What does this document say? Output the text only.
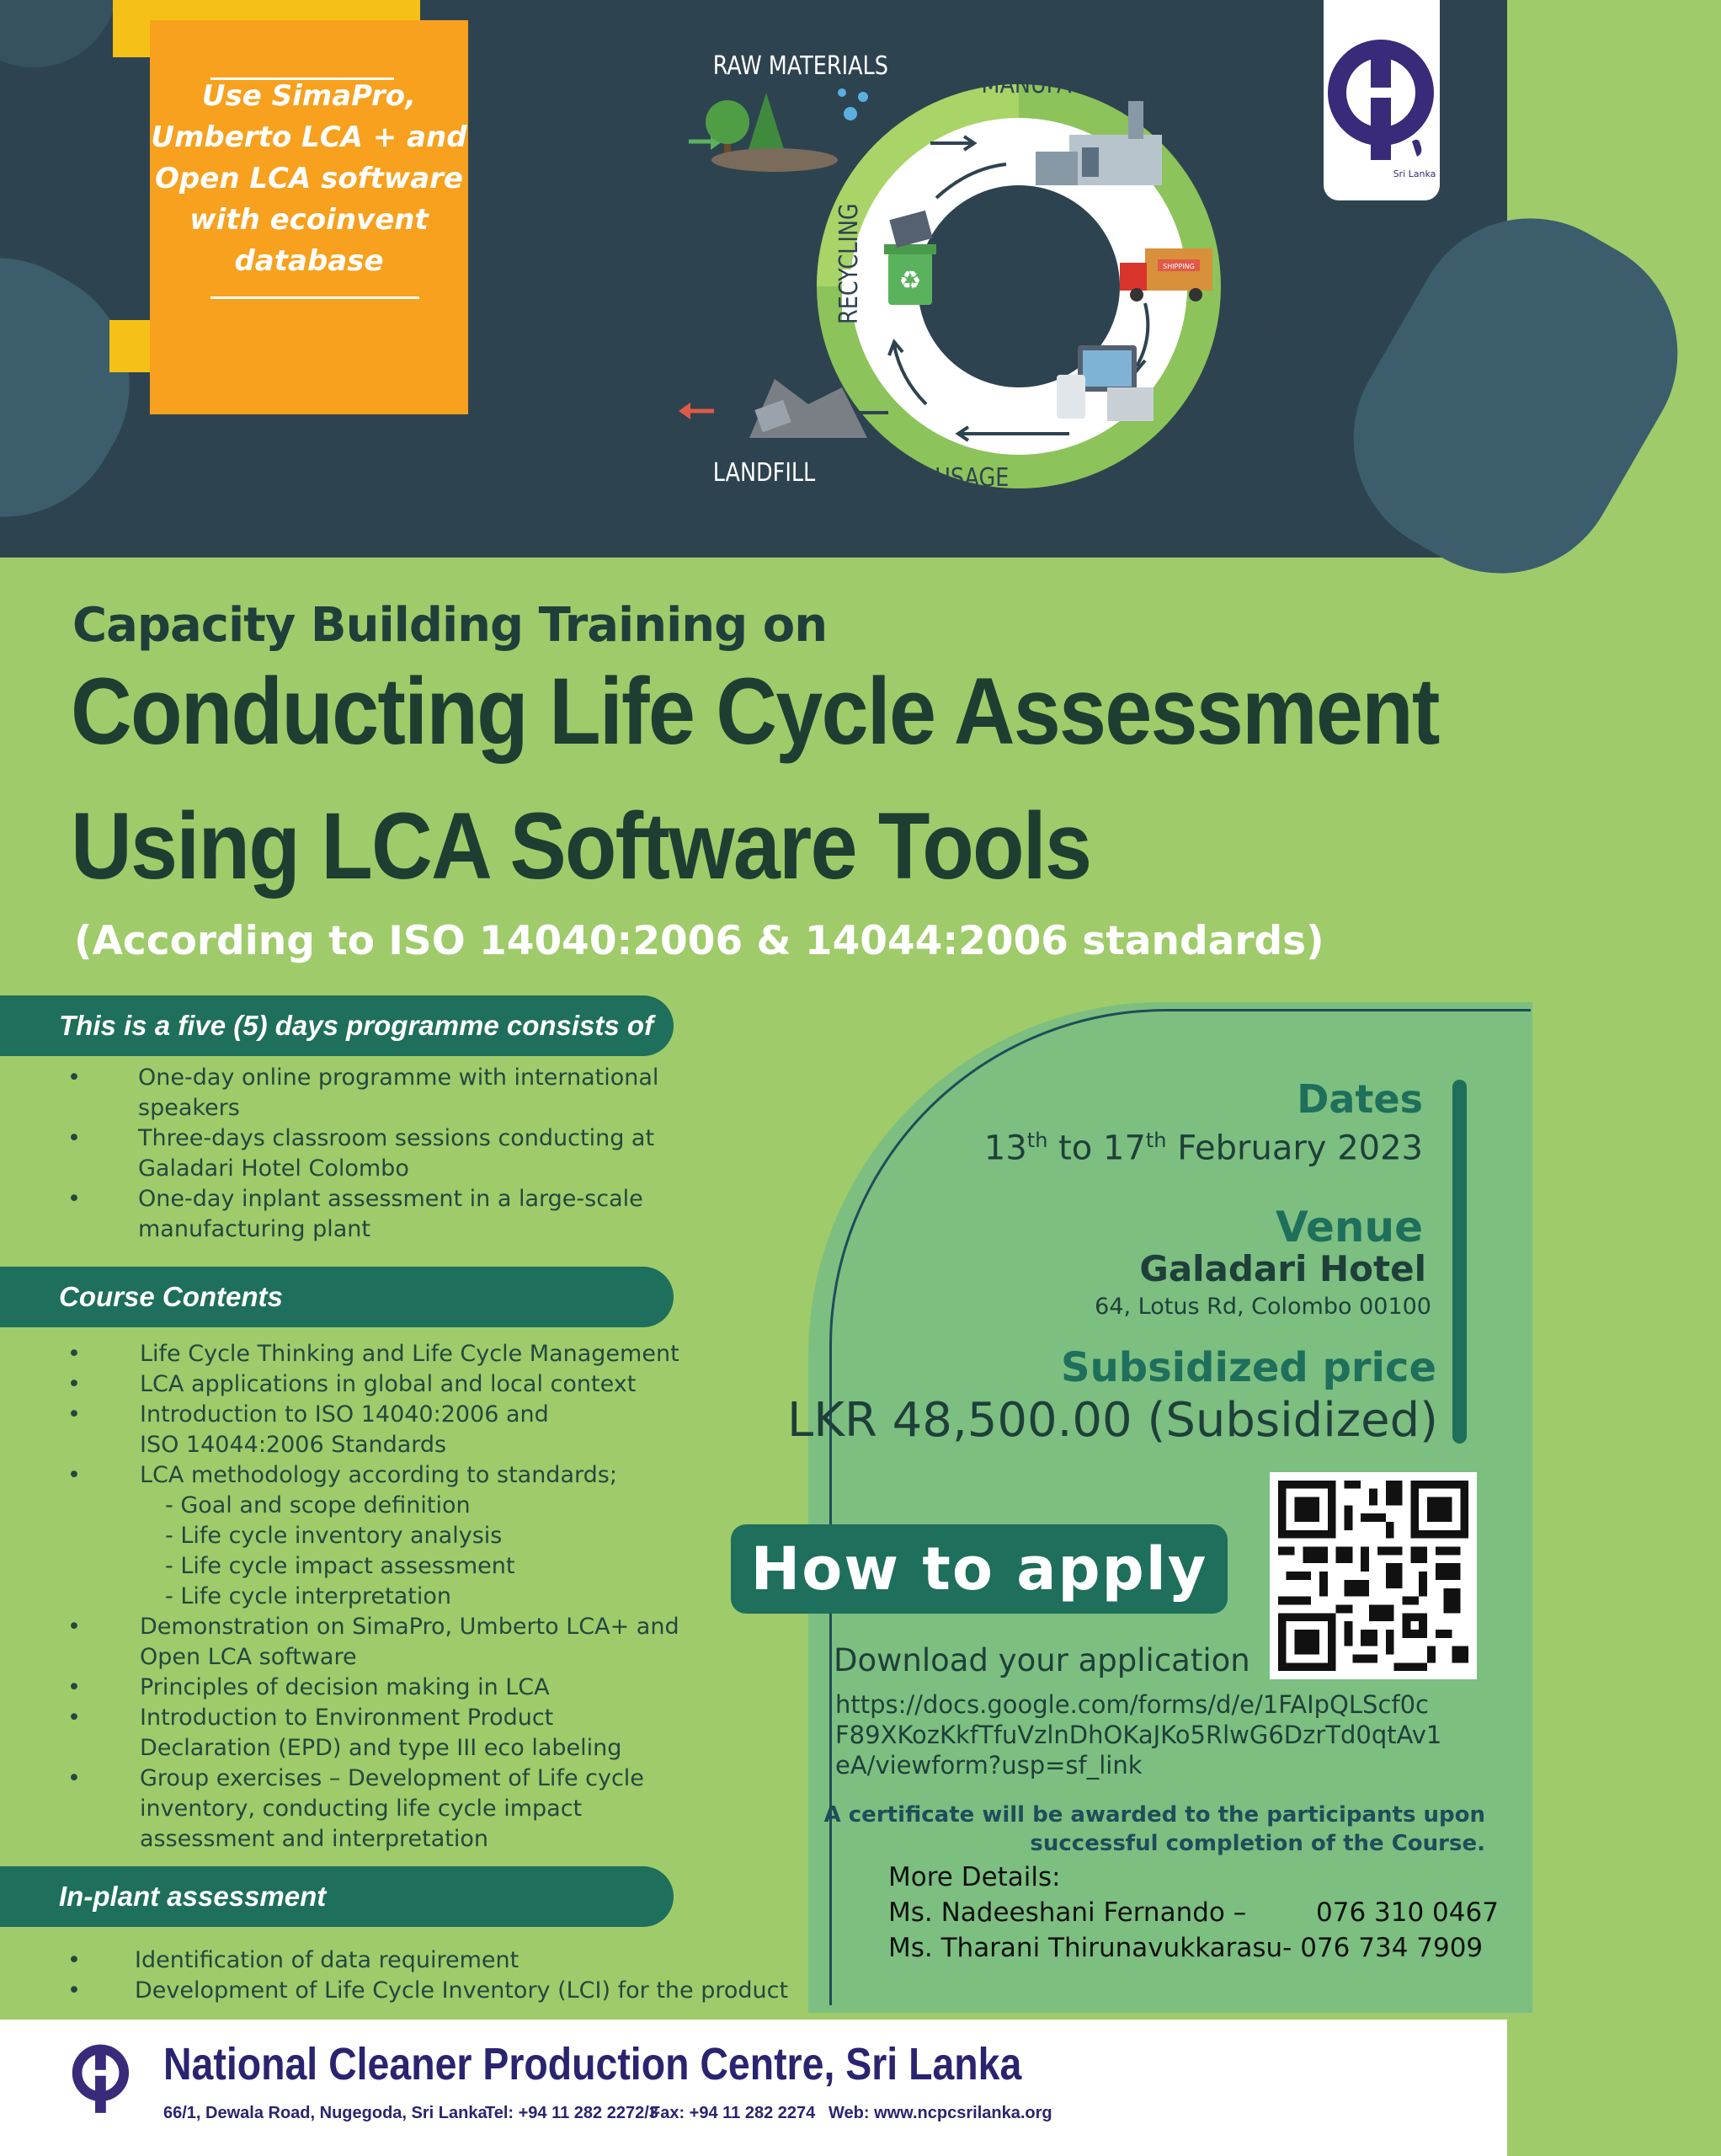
Use SimaPro,
Umberto LCA + and
Open LCA software
with ecoinvent
database	SHIPPING
♻
RAW MATERIALS
MANUFACTURING
DISTRIBUTION
USAGE
RECYCLING
LANDFILL
Sri Lanka
Capacity Building Training on
Conducting Life Cycle Assessment
Using LCA Software Tools
(According to ISO 14040:2006 & 14044:2006 standards)
This is a five (5) days programme consists of
•	One-day online programme with international
speakers
•	Three-days classroom sessions conducting at
Galadari Hotel Colombo
•	One-day inplant assessment in a large-scale
manufacturing plant
Course Contents
•	Life Cycle Thinking and Life Cycle Management
•	LCA applications in global and local context
•	Introduction to ISO 14040:2006 and
ISO 14044:2006 Standards
•	LCA methodology according to standards;
- Goal and scope definition
- Life cycle inventory analysis
- Life cycle impact assessment
- Life cycle interpretation
•	Demonstration on SimaPro, Umberto LCA+ and
Open LCA software
•	Principles of decision making in LCA
•	Introduction to Environment Product
Declaration (EPD) and type III eco labeling
•	Group exercises – Development of Life cycle
inventory, conducting life cycle impact
assessment and interpretation
In-plant assessment
• Identification of data requirement
• Development of Life Cycle Inventory (LCI) for the product
Dates
13th to 17th February 2023
Venue
Galadari Hotel
64, Lotus Rd, Colombo 00100
Subsidized price
LKR 48,500.00 (Subsidized)
How to apply
Download your application
https://docs.google.com/forms/d/e/1FAIpQLScf0c
F89XKozKkfTfuVzlnDhOKaJKo5RlwG6DzrTd0qtAv1
eA/viewform?usp=sf_link
A certificate will be awarded to the participants upon
successful completion of the Course.
More Details:
Ms. Nadeeshani Fernando –	076 310 0467
Ms. Tharani Thirunavukkarasu- 076 734 7909
National Cleaner Production Centre, Sri Lanka
66/1, Dewala Road, Nugegoda, Sri Lanka
Tel: +94 11 282 2272/3
Fax: +94 11 282 2274 Web: www.ncpcsrilanka.org
